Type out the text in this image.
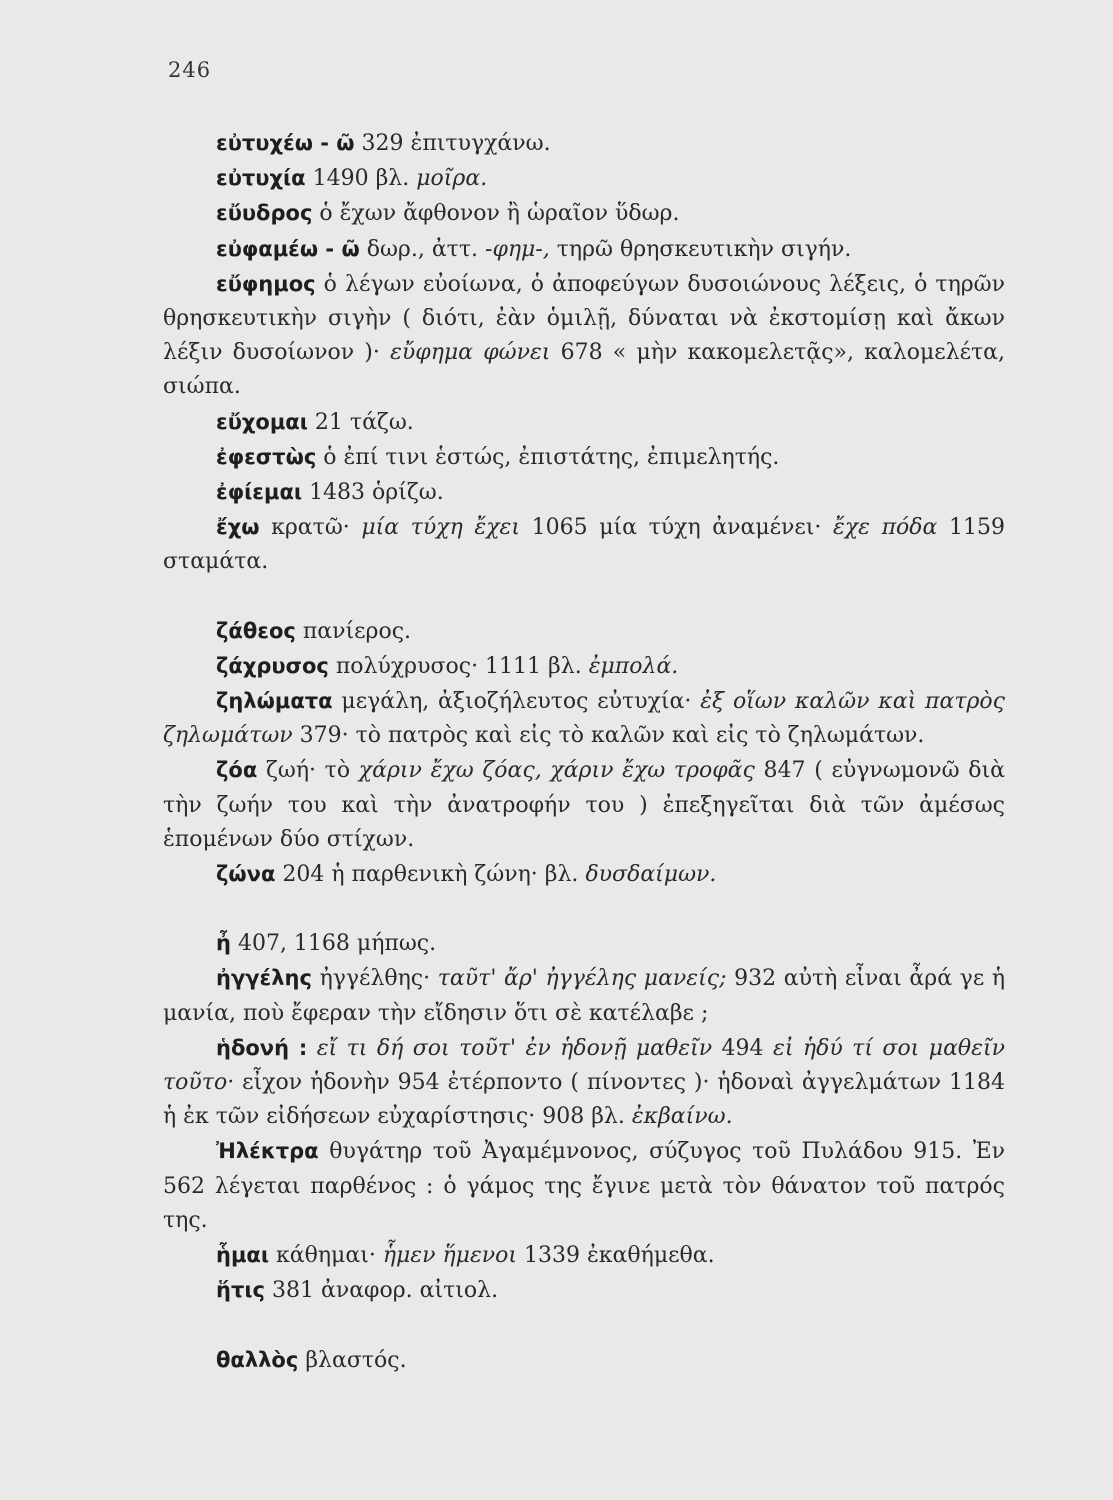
246

εὐτυχέω - ῶ 329 ἐπιτυγχάνω.

εὐτυχία 1490 βλ. μοῖρα.

εὔυδρος ὁ ἔχων ἄφθονον ἢ ὡραῖον ὕδωρ.

εὐφαμέω - ῶ δωρ., ἀττ. -φημ-, τηρῶ θρησκευτικὴν σιγήν.

εὔφημος ὁ λέγων εὐοίωνα, ὁ ἀποφεύγων δυσοιώνους λέξεις, ὁ τηρῶν θρησκευτικὴν σιγὴν ( διότι, ἐὰν ὁμιλῇ, δύναται νὰ ἐκστομίσῃ καὶ ἄκων λέξιν δυσοίωνον )· εὔφημα φώνει 678 « μὴν κακομελετᾷς», καλομελέτα, σιώπα.

εὔχομαι 21 τάζω.

ἐφεστὼς ὁ ἐπί τινι ἑστώς, ἐπιστάτης, ἐπιμελητής.

ἐφίεμαι 1483 ὁρίζω.

ἔχω κρατῶ· μία τύχη ἔχει 1065 μία τύχη ἀναμένει· ἔχε πόδα 1159 σταμάτα.

ζάθεος πανίερος.

ζάχρυσος πολύχρυσος· 1111 βλ. ἐμπολά.

ζηλώματα μεγάλη, ἀξιοζήλευτος εὐτυχία· ἐξ οἵων καλῶν καὶ πατρὸς ζηλωμάτων 379· τὸ πατρὸς καὶ εἰς τὸ καλῶν καὶ εἰς τὸ ζηλωμάτων.

ζόα ζωή· τὸ χάριν ἔχω ζόας, χάριν ἔχω τροφᾶς 847 ( εὐγνωμονῶ διὰ τὴν ζωήν του καὶ τὴν ἀνατροφήν του ) ἐπεξηγεῖται διὰ τῶν ἀμέσως ἑπομένων δύο στίχων.

ζώνα 204 ἡ παρθενικὴ ζώνη· βλ. δυσδαίμων.

ἦ 407, 1168 μήπως.

ἠγγέλης ἠγγέλθης· ταῦτ' ἄρ' ἠγγέλης μανείς; 932 αὐτὴ εἶναι ἆρά γε ἡ μανία, ποὺ ἔφεραν τὴν εἴδησιν ὅτι σὲ κατέλαβε ;

ἡδονή : εἴ τι δή σοι τοῦτ' ἐν ἡδονῇ μαθεῖν 494 εἰ ἡδύ τί σοι μαθεῖν τοῦτο· εἶχον ἡδονὴν 954 ἐτέρποντο ( πίνοντες )· ἡδοναὶ ἀγγελμάτων 1184 ἡ ἐκ τῶν εἰδήσεων εὐχαρίστησις· 908 βλ. ἐκβαίνω.

Ἠλέκτρα θυγάτηρ τοῦ Ἀγαμέμνονος, σύζυγος τοῦ Πυλάδου 915. Ἐν 562 λέγεται παρθένος : ὁ γάμος της ἔγινε μετὰ τὸν θάνατον τοῦ πατρός της.

ἧμαι κάθημαι· ἧμεν ἥμενοι 1339 ἐκαθήμεθα.

ἥτις 381 ἀναφορ. αἰτιολ.

θαλλὸς βλαστός.
